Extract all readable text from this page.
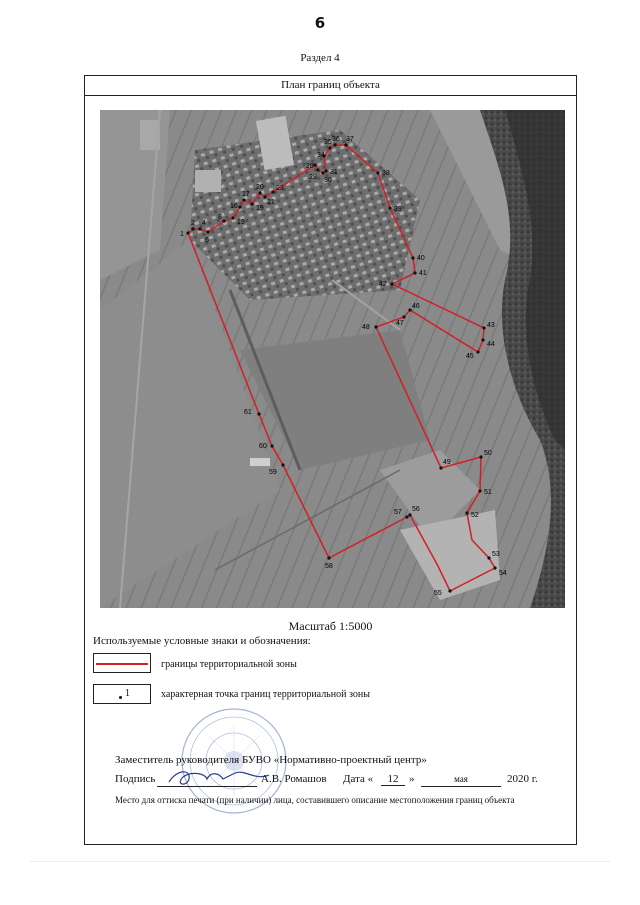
6
Раздел 4
План границ объекта
1
2 4
6
8
19
16
17
19
20
21
23
28
29 30
31
34
35 36 37
38
39
40
41
42
46
47	43
44
45
48
49
50
51
52
53
54
55
56
57
58
59
60
61
Масштаб 1:5000
Используемые условные знаки и обозначения:
границы территориальной зоны
1	характерная точка границ территориальной зоны
Заместитель руководителя БУВО «Нормативно-проектный центр»
Подпись	А.В. Ромашов Дата «	12 »	мая	2020 г.
Место для оттиска печати (при наличии) лица, составившего описание местоположения границ объекта
